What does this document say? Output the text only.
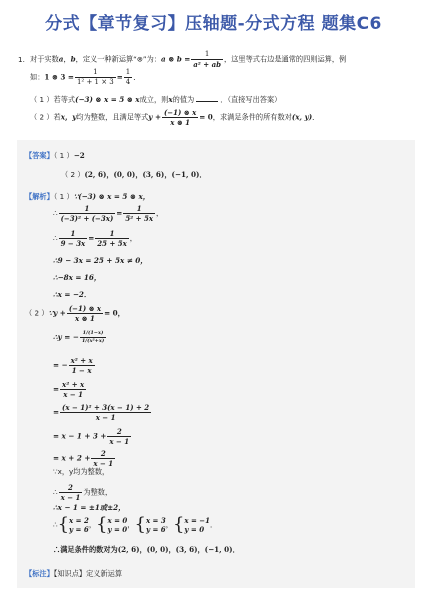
分式【章节复习】压轴题-分式方程 题集C6
1. 对于实数a，b，定义一种新运算“⊗”为：a ⊗ $b = \frac{1}{\text{a² + ab}}$ ，这里等式右边是通常的四则运算，例
如：1 ⊗ $3 = \frac{1}{\text{1² + 1 × 3}} = \frac{1}{4}$ ．
（ 1 ）若等式(−3) ⊗ x = 5 ⊗ x成立，则x的值为	．（直接写出答案）
（ 2 ）若x，y均为整数，且满足等式$y + \frac{(-1) \otimes x}{x \otimes 1} = 0$，求满足条件的所有数对(x, y)．
【答案】（ 1 ）−2
（ 2 ）(2, 6)，(0, 0)，(3, 6)，(−1, 0)．
【解析】（ 1 ）∵(−3) ⊗ x = 5 ⊗ x，
∴ $\frac{1}{\text{(−3)² + (−3x)}} = \frac{1}{\text{5² + 5x}}$ ，
∴ $\frac{1}{9 - 3x} = \frac{1}{25 + 5x}$ ，
∴9 − 3x = 25 + 5x ≠ 0，
∴−8x = 16，
∴x = −2．
（ 2 ）∵y + $\frac{(-1) \otimes x}{x \otimes 1} = 0$，
∴y = − $\frac{1/(1-x)}{\text{1/(x²+x)}}$
= − $\frac{\text{x² + x}}{1 - x}$
= $\frac{\text{x² + x}}{x - 1}$
= $\frac{\text{(x − 1)² + 3(x − 1) + 2}}{x - 1}$
= $x - 1 + 3 + \frac{2}{x - 1}$
= $x + 2 + \frac{2}{x - 1}$
∵x，y均为整数，
∴ $\frac{2}{x - 1}$ 为整数，
∴x − 1 = ±1或±2，
∴{ x = 2
y = 6
，{ x = 0
y = 0
，{ x = 3
y = 6
，{ x = −1
y = 0
．
∴满足条件的数对为(2, 6)，(0, 0)，(3, 6)，(−1, 0)．
【标注】【知识点】定义新运算
